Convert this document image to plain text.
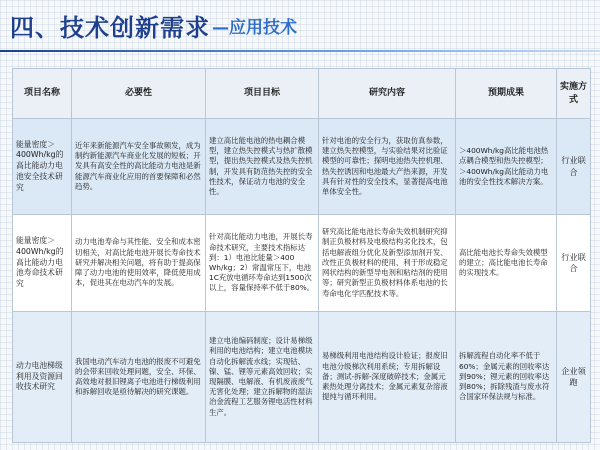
四、技术创新需求 —应用技术
项目名称	必要性	项目目标	研究内容	预期成果	实施方式
能量密度＞400Wh/kg的高比能动力电池安全技术研究	近年来新能源汽车安全事故频发，成为制约新能源汽车商业化发展的短板；开发具有高安全性的高比能动力电池是新能源汽车商业化应用的首要保障和必然趋势。	建立高比能电池的热电耦合模型，建立热失控模式与热扩散模型，提出热失控模式及热失控机制，开发具有防范热失控的安全性技术，保证动力电池的安全性。	针对电池的安全行为，获取仿真参数，建立热失控模型，与实验结果对比验证模型的可靠性；探明电池热失控机理、热失控诱因和电池最大产热来源，开发具有针对性的安全技术，显著提高电池单体安全性。	＞400Wh/kg高比能电池热点耦合模型和热失控模型；＞400Wh/kg高比能动力电池的安全性技术解决方案。	行业联合
能量密度＞400Wh/kg的高比能动力电池寿命技术研究	动力电池寿命与其性能、安全和成本密切相关，对高比能电池开展长寿命技术研究并解决相关问题，将有助于提高保障了动力电池的使用效率，降低使用成本，促进其在电动汽车的发展。	针对高比能动力电池，开展长寿命技术研究，主要技术指标达到：1）电池比能量＞400 Wh/kg；2）常温常压下，电池1C充放电循环寿命达到1500次以上，容量保持率不低于80%。	研究高比能电池长寿命失效机制研究抑制正负极材料及电极结构劣化技术，包括电解液组分优化及新型添加剂开发、改性正负极材料的使用、利于形成稳定网状结构的新型导电剂和粘结剂的使用等；研究新型正负极材料体系电池的长寿命电化学匹配技术等。	高比能电池长寿命失效模型的建立；高比能电池长寿命的实现技术。	行业联合
动力电池梯级利用及资源回收技术研究	我国电动汽车动力电池的报废不可避免的会带来回收处理问题，安全、环保、高效地对报旧锂离子电池进行梯级利用和拆解回收是亟待解决的研究课题。	建立电池编码制度；设计易梯级利用的电池结构；建立电池模块自动化拆解流水线；实现钴、镍、锰、锂等元素高效回收；实现隔膜、电解液、有机废液废气无害化处理；建立拆解物的湿法冶金流程工艺服务锂电活性材料生产。	易梯级利用电池结构设计验证；报废旧电池分级梯次利用系统；专用拆解设备；测试-拆解-深度破碎技术；金属元素热处理分离技术；金属元素复杂溶液提纯与循环利用。	拆解流程自动化率不低于60%；金属元素的回收率达到90%；锂元素的回收率达到80%；拆除残渣与废水符合国家环保法规与标准。	企业领跑
